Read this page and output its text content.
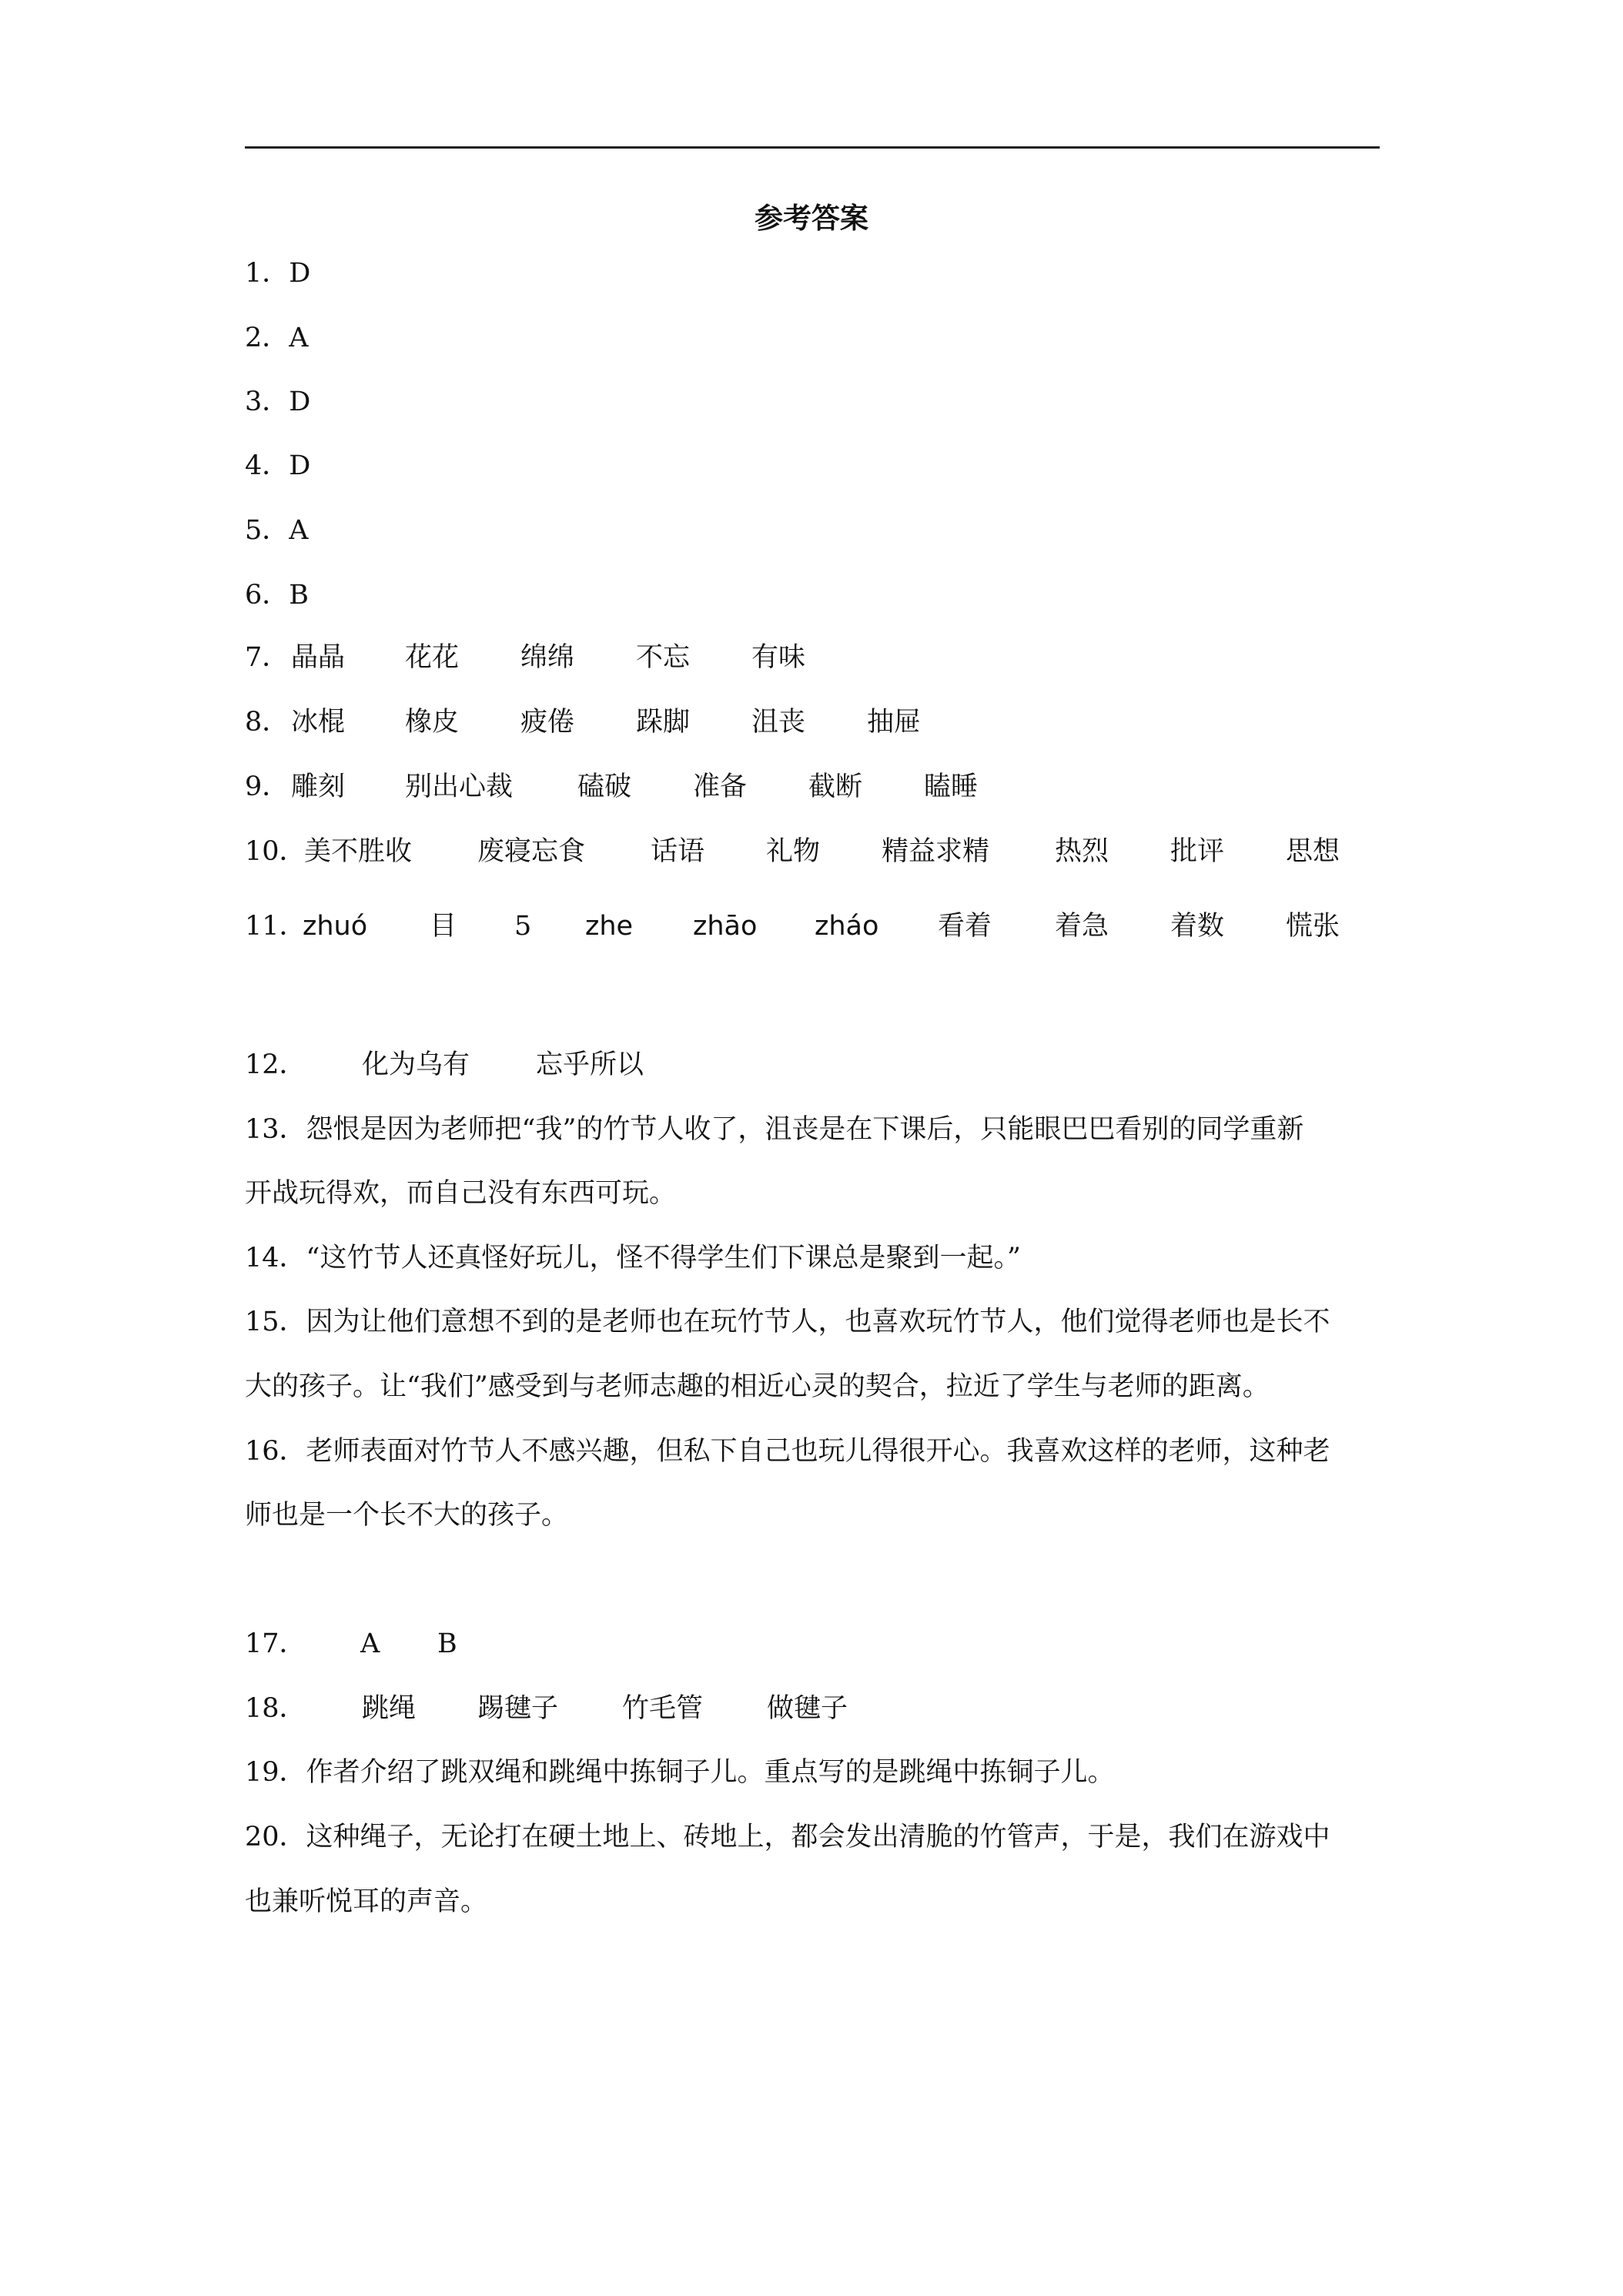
参考答案
1．D
2．A
3．D
4．D
5．A
6．B
7． 晶晶 花花 绵绵 不忘 有味
8． 冰棍 橡皮 疲倦 跺脚 沮丧 抽屉
9． 雕刻 别出心裁 磕破 准备 截断 瞌睡
10．
美不胜收 废寝忘食 话语 礼物 精益求精 热烈 批评 思想
11．
zhuó 目 5 zhe zhāo zháo 看着 着急 着数 慌张
12． 化为乌有 忘乎所以
13．怨恨是因为老师把“我”的竹节人收了，沮丧是在下课后，只能眼巴巴看别的同学重新
开战玩得欢，而自己没有东西可玩。
14．“这竹节人还真怪好玩儿，怪不得学生们下课总是聚到一起。”
15．因为让他们意想不到的是老师也在玩竹节人，也喜欢玩竹节人，他们觉得老师也是长不
大的孩子。让“我们”感受到与老师志趣的相近心灵的契合，拉近了学生与老师的距离。
16．老师表面对竹节人不感兴趣，但私下自己也玩儿得很开心。我喜欢这样的老师，这种老
师也是一个长不大的孩子。
17． A B
18． 跳绳 踢毽子 竹毛管 做毽子
19．作者介绍了跳双绳和跳绳中拣铜子儿。重点写的是跳绳中拣铜子儿。
20．这种绳子，无论打在硬土地上、砖地上，都会发出清脆的竹管声，于是，我们在游戏中
也兼听悦耳的声音。
